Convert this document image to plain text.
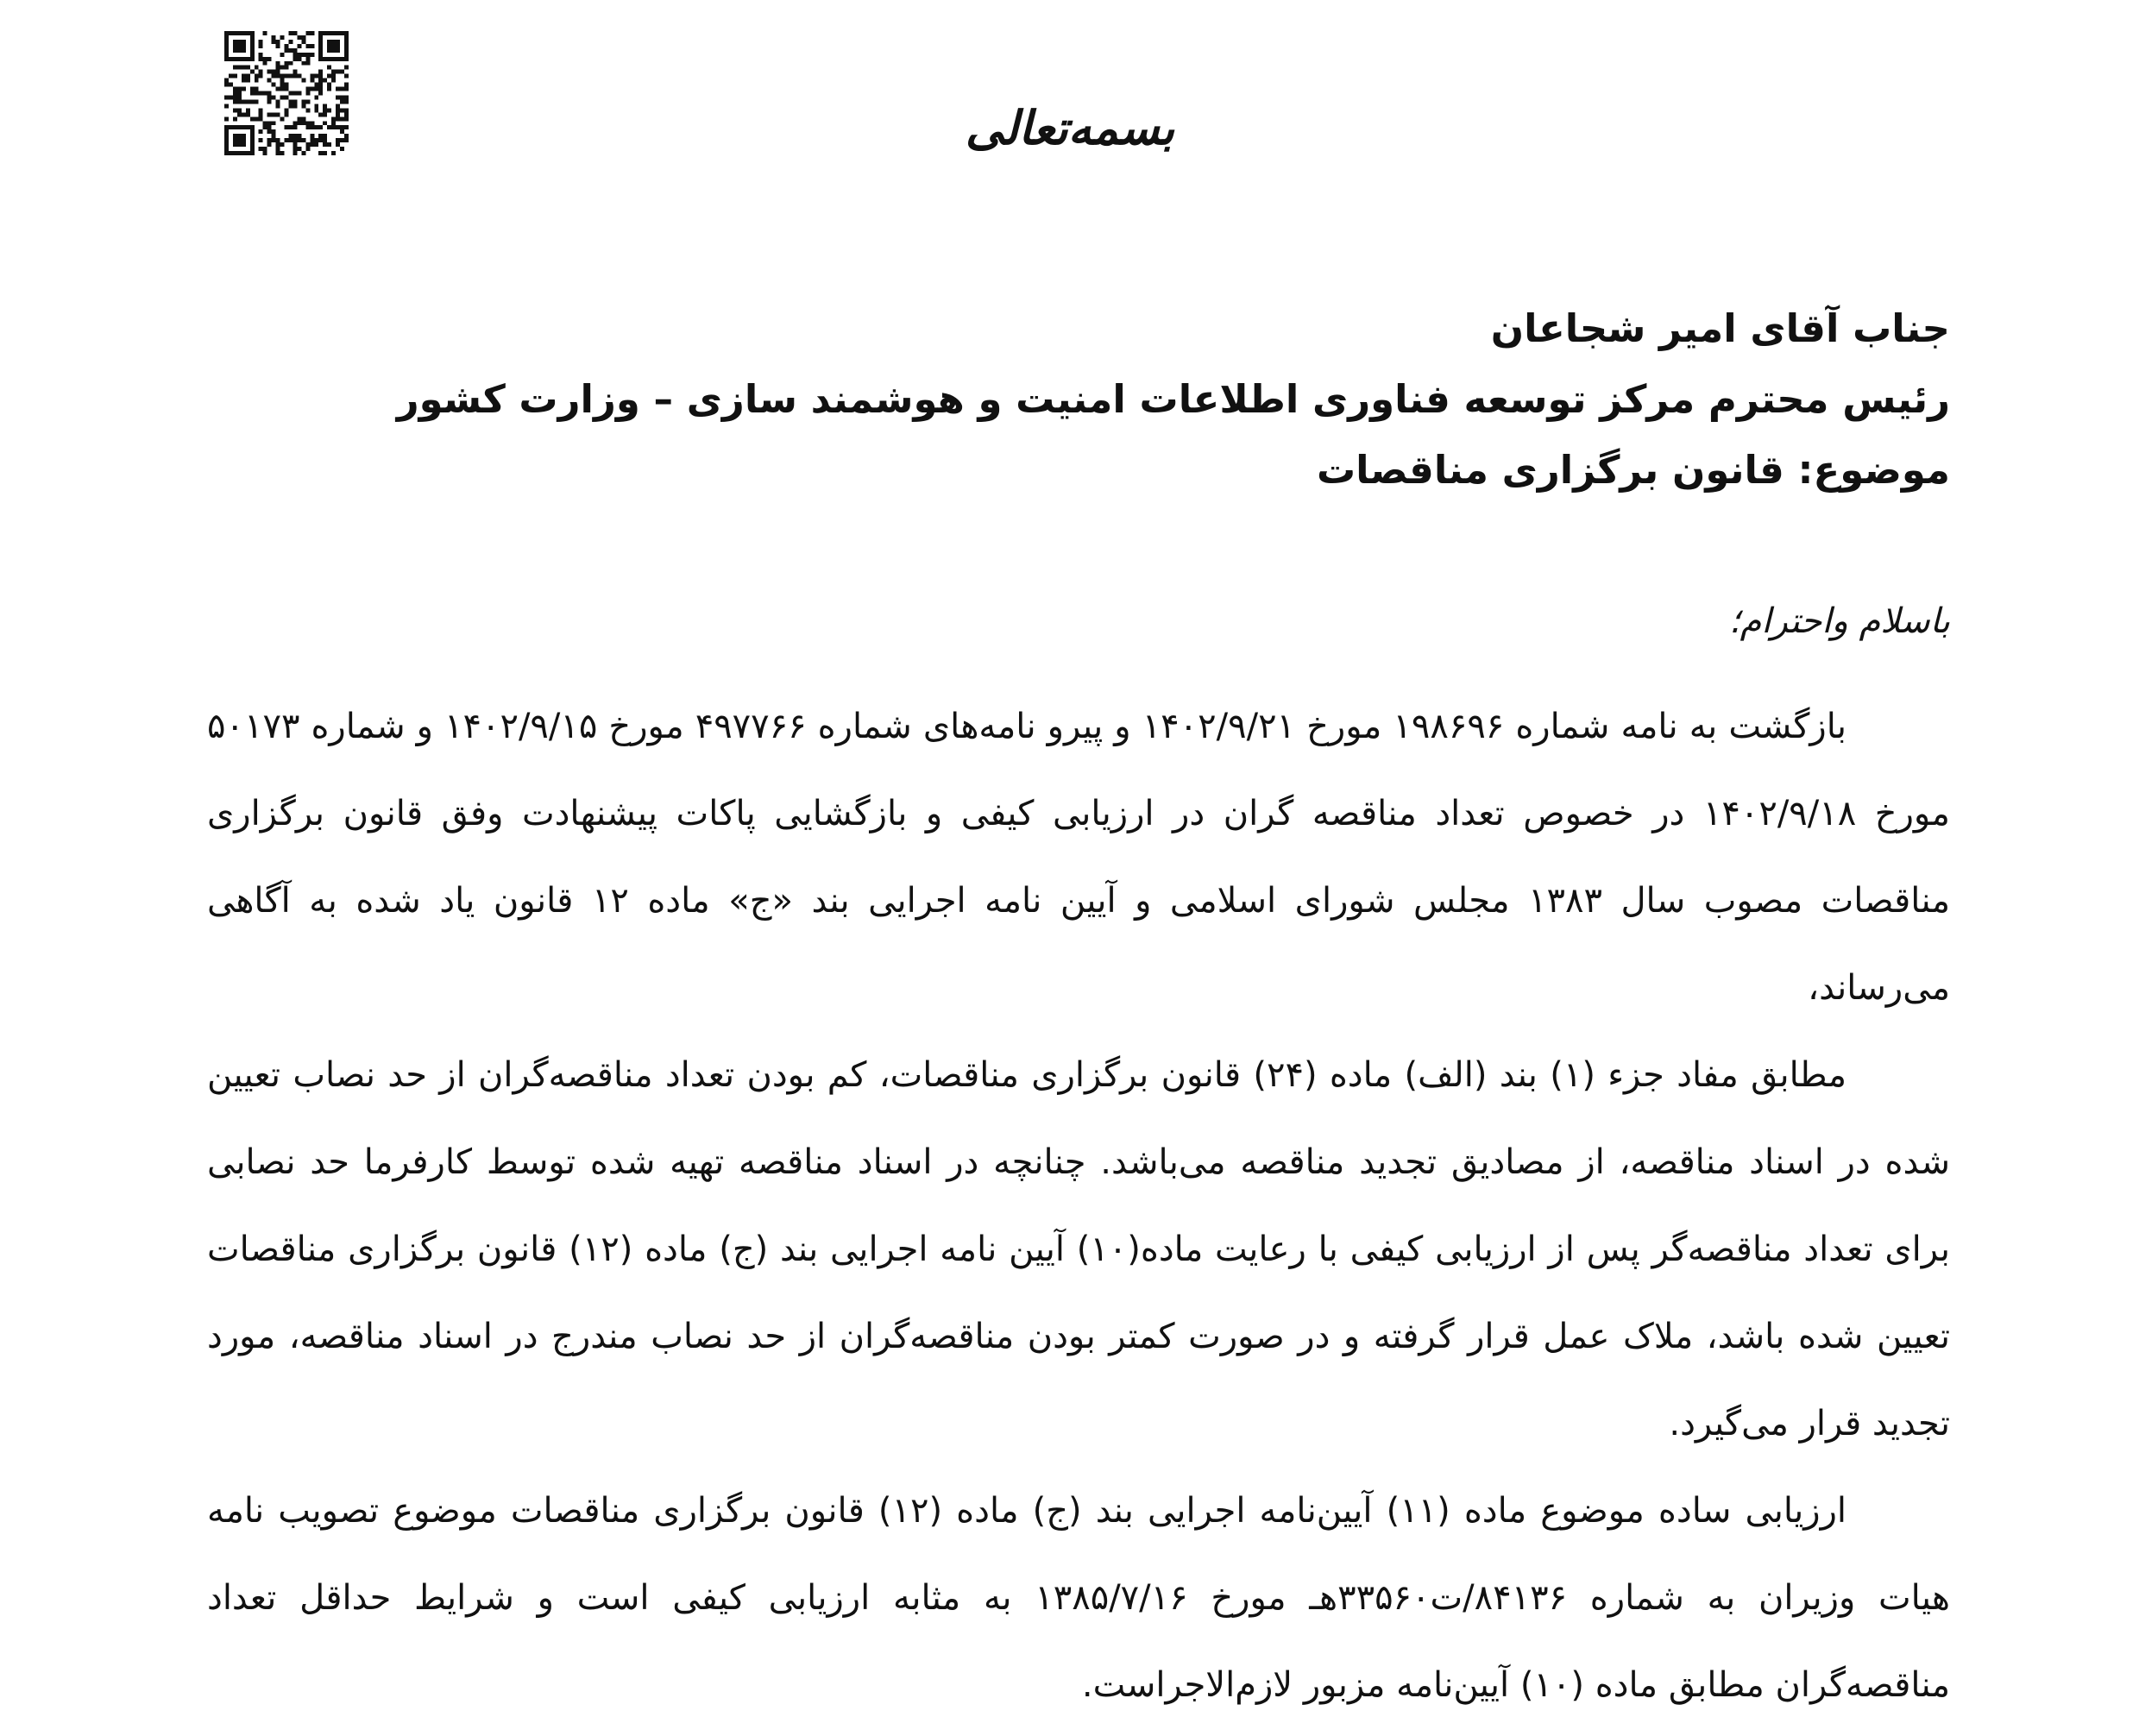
بسمه‌تعالی
جناب آقای امیر شجاعان
رئیس محترم مرکز توسعه فناوری اطلاعات امنیت و هوشمند سازی – وزارت کشور
موضوع: قانون برگزاری مناقصات
باسلام واحترام؛

بازگشت به نامه شماره ۱۹۸۶۹۶ مورخ ۱۴۰۲/۹/۲۱ و پیرو نامه‌های شماره ۴۹۷۷۶۶ مورخ ۱۴۰۲/۹/۱۵ و شماره ۵۰۱۷۳ مورخ ۱۴۰۲/۹/۱۸ در خصوص تعداد مناقصه گران در ارزیابی کیفی و بازگشایی پاکات پیشنهادت وفق قانون برگزاری مناقصات مصوب سال ۱۳۸۳ مجلس شورای اسلامی و آیین نامه اجرایی بند «ج» ماده ۱۲ قانون یاد شده به آگاهی می‌رساند،

مطابق مفاد جزء (۱) بند (الف) ماده (۲۴) قانون برگزاری مناقصات، کم بودن تعداد مناقصه‌گران از حد نصاب تعیین شده در اسناد مناقصه، از مصادیق تجدید مناقصه می‌باشد. چنانچه در اسناد مناقصه تهیه شده توسط کارفرما حد نصابی برای تعداد مناقصه‌گر پس از ارزیابی کیفی با رعایت ماده(۱۰) آیین نامه اجرایی بند (ج) ماده (۱۲) قانون برگزاری مناقصات تعیین شده باشد، ملاک عمل قرار گرفته و در صورت کمتر بودن مناقصه‌گران از حد نصاب مندرج در اسناد مناقصه، مورد تجدید قرار می‌گیرد.

ارزیابی ساده موضوع ماده (۱۱) آیین‌نامه اجرایی بند (ج) ماده (۱۲) قانون برگزاری مناقصات موضوع تصویب نامه هیات وزیران به شماره ۸۴۱۳۶/ت۳۳۵۶۰هـ مورخ ۱۳۸۵/۷/۱۶ به مثابه ارزیابی کیفی است و شرایط حداقل تعداد مناقصه‌گران مطابق ماده (۱۰) آیین‌نامه مزبور لازم‌الاجراست.
